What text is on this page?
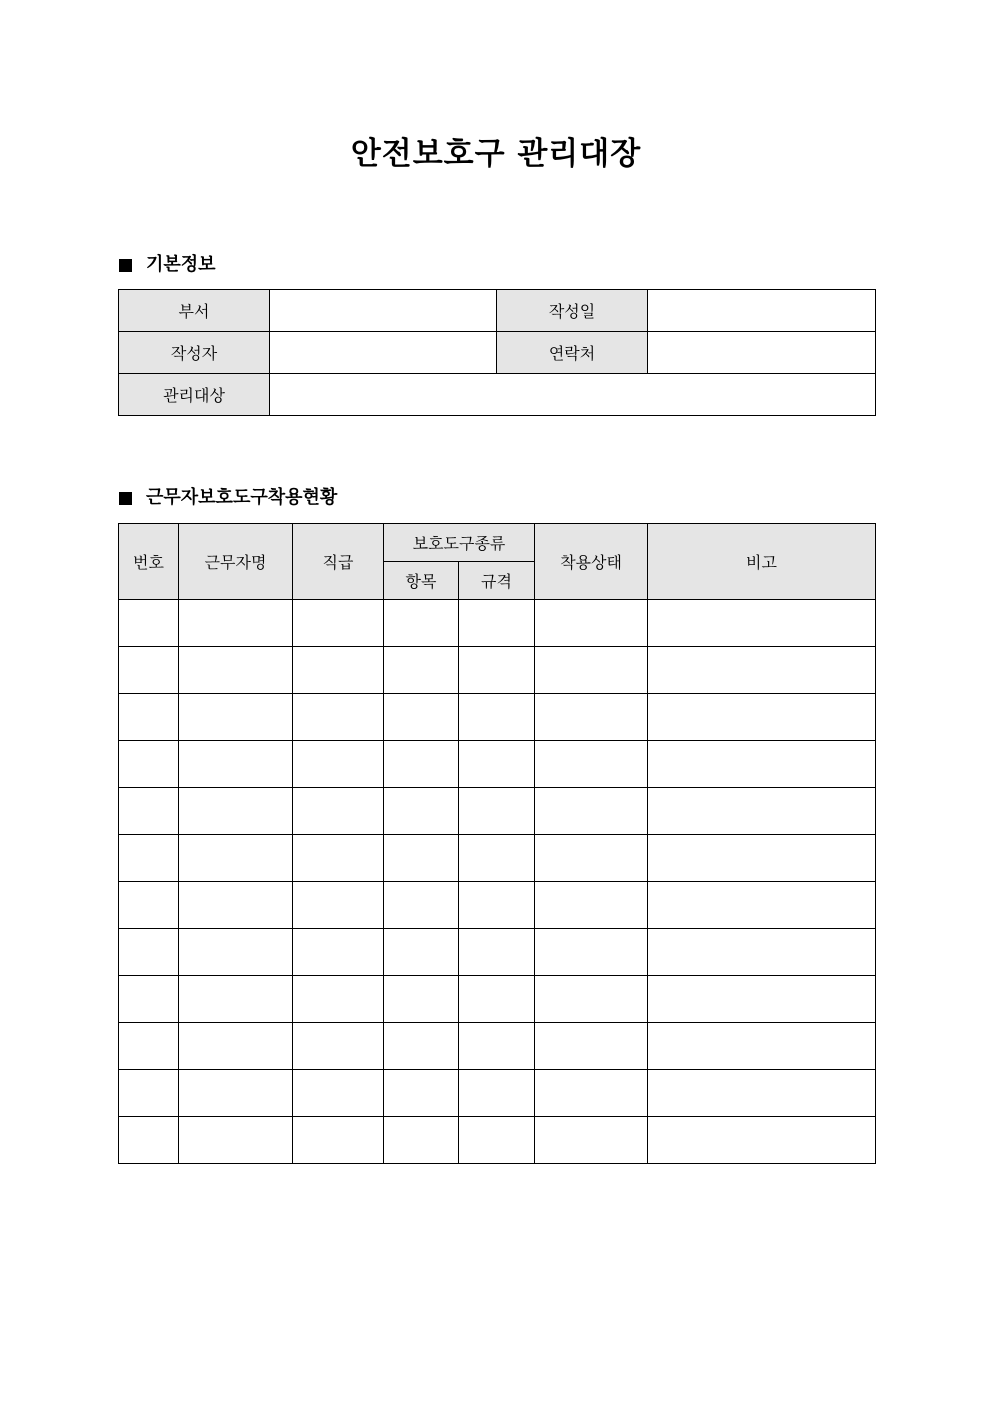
안전보호구 관리대장
기본정보
부서		작성일	
작성자		연락처	
관리대상			
근무자보호도구착용현황
번호	근무자명	직급	보호도구종류		착용상태	비고
			항목	규격		
